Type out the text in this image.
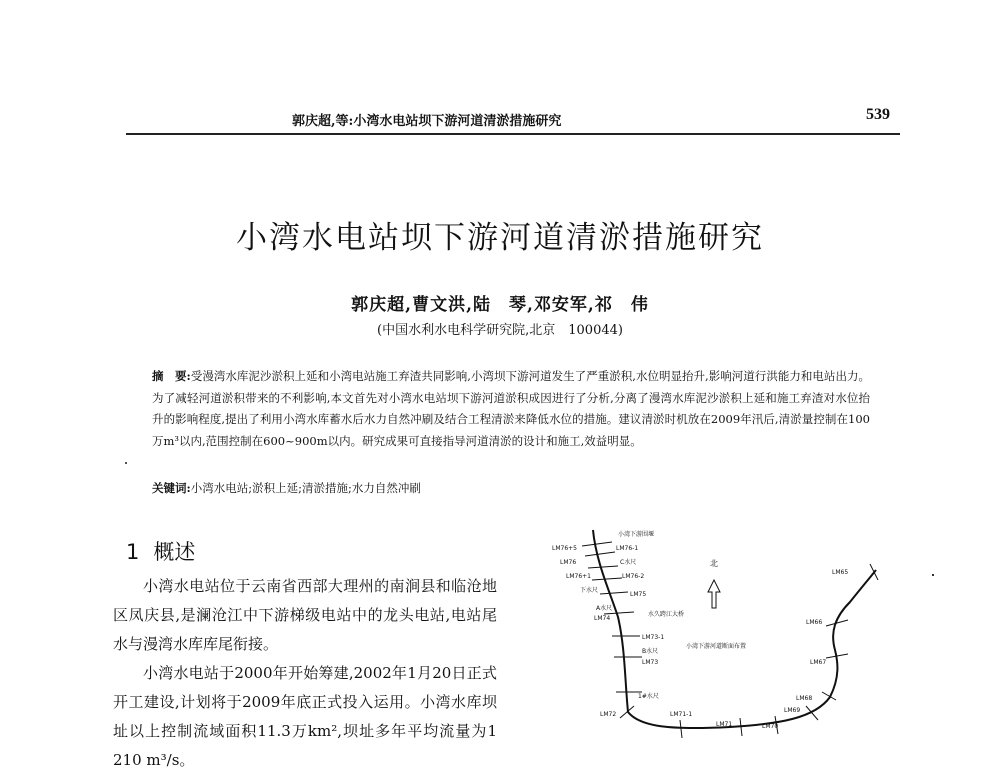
郭庆超,等:小湾水电站坝下游河道清淤措施研究	539
小湾水电站坝下游河道清淤措施研究
郭庆超,曹文洪,陆　琴,邓安军,祁　伟
(中国水利水电科学研究院,北京　100044)
摘　要:受漫湾水库泥沙淤积上延和小湾电站施工弃渣共同影响,小湾坝下游河道发生了严重淤积,水位明显抬升,影响河道行洪能力和电站出力。为了减轻河道淤积带来的不利影响,本文首先对小湾水电站坝下游河道淤积成因进行了分析,分离了漫湾水库泥沙淤积上延和施工弃渣对水位抬升的影响程度,提出了利用小湾水库蓄水后水力自然冲刷及结合工程清淤来降低水位的措施。建议清淤时机放在2009年汛后,清淤量控制在100万m³以内,范围控制在600~900m以内。研究成果可直接指导河道清淤的设计和施工,效益明显。
关键词:小湾水电站;淤积上延;清淤措施;水力自然冲刷
1 概述

小湾水电站位于云南省西部大理州的南涧县和临沧地区凤庆县,是澜沧江中下游梯级电站中的龙头电站,电站尾水与漫湾水库库尾衔接。

小湾水电站于2000年开始筹建,2002年1月20日正式开工建设,计划将于2009年底正式投入运用。小湾水库坝址以上控制流域面积11.3万km²,坝址多年平均流量为1 210 m³/s。

北
小湾下游围堰
LM76+5	LM76-1
LM76	C水尺
LM76+1	LM76-2
下水尺
LM75
A水尺
LM74
水久跨江大桥
LM73-1
B水尺
LM73
小湾下游河道断面布置
LM65
LM66
LM67
1#水尺
LM72	LM71-1
LM71	LM70
LM69
LM68
